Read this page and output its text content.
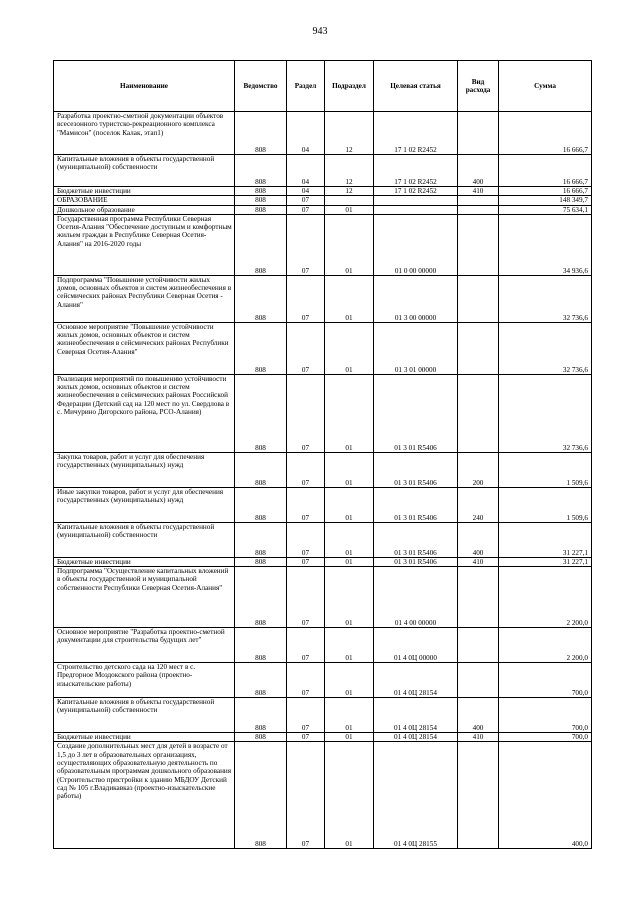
943
Наименование	Ведомство	Раздел	Подраздел	Целевая статья	Вид расхода	Сумма
Разработка проектно-сметной документации объектов всесезонного туристско-рекреационного комплекса "Мамисон" (поселок Калак, этап1)	808	04	12	17 1 02 R2452		16 666,7
Капитальные вложения в объекты государственной (муниципальной) собственности	808	04	12	17 1 02 R2452	400	16 666,7
Бюджетные инвестиции	808	04	12	17 1 02 R2452	410	16 666,7
ОБРАЗОВАНИЕ	808	07				148 349,7
Дошкольное образование	808	07	01			75 634,1
Государственная программа Республики Северная Осетия-Алания "Обеспечение доступным и комфортным жильем граждан в Республике Северная Осетия-Алания" на 2016-2020 годы	808	07	01	01 0 00 00000		34 936,6
Подпрограмма "Повышение устойчивости жилых домов, основных объектов и систем жизнеобеспечения в сейсмических районах Республики Северная Осетия - Алания"	808	07	01	01 3 00 00000		32 736,6
Основное мероприятие "Повышение устойчивости жилых домов, основных объектов и систем жизнеобеспечения в сейсмических районах Республики Северная Осетия-Алания"	808	07	01	01 3 01 00000		32 736,6
Реализация мероприятий по повышению устойчивости жилых домов, основных объектов и систем жизнеобеспечения в сейсмических районах Российской Федерации (Детский сад на 120 мест по ул. Свердлова в с. Мичурино Дигорского района, РСО-Алания)	808	07	01	01 3 01 R5406		32 736,6
Закупка товаров, работ и услуг для обеспечения государственных (муниципальных) нужд	808	07	01	01 3 01 R5406	200	1 509,6
Иные закупки товаров, работ и услуг для обеспечения государственных (муниципальных) нужд	808	07	01	01 3 01 R5406	240	1 509,6
Капитальные вложения в объекты государственной (муниципальной) собственности	808	07	01	01 3 01 R5406	400	31 227,1
Бюджетные инвестиции	808	07	01	01 3 01 R5406	410	31 227,1
Подпрограмма "Осуществление капитальных вложений в объекты государственной и муниципальной собственности Республики Северная Осетия-Алания"	808	07	01	01 4 00 00000		2 200,0
Основное мероприятие "Разработка проектно-сметной документации для строительства будущих лет"	808	07	01	01 4 0Ц 00000		2 200,0
Строительство детского сада на 120 мест в с. Предгорное Моздокского района (проектно-изыскательские работы)	808	07	01	01 4 0Ц 28154		700,0
Капитальные вложения в объекты государственной (муниципальной) собственности	808	07	01	01 4 0Ц 28154	400	700,0
Бюджетные инвестиции	808	07	01	01 4 0Ц 28154	410	700,0
Создание дополнительных мест для детей в возрасте от 1,5 до 3 лет в образовательных организациях, осуществляющих образовательную деятельность по образовательным программам дошкольного образования (Строительство пристройки к зданию МБДОУ Детский сад № 105 г.Владикавказ (проектно-изыскательские работы)	808	07	01	01 4 0Ц 28155		400,0
